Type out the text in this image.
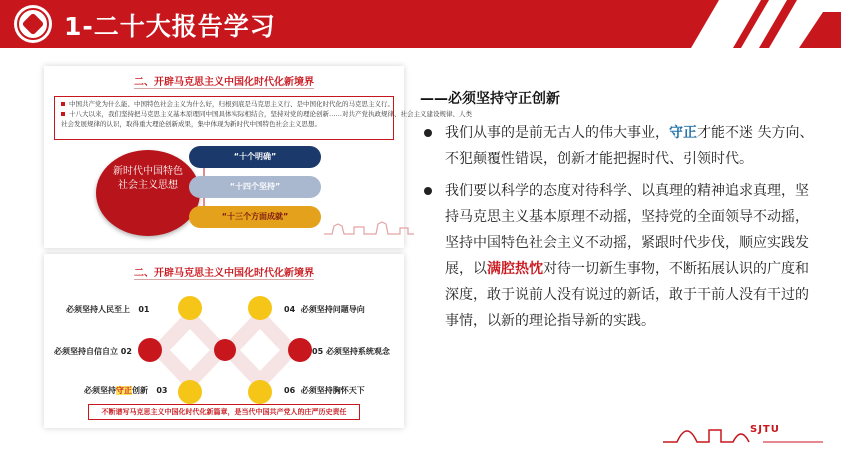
1-二十大报告学习
二、开辟马克思主义中国化时代化新境界
中国共产党为什么能、中国特色社会主义为什么好，归根到底是马克思主义行、是中国化时代化的马克思主义行。
十八大以来，我们坚持把马克思主义基本原理同中国具体实际相结合，坚持对党的理论创新……对共产党执政规律、社会主义建设规律、人类
社会发展规律的认识，取得重大理论创新成果，集中体现为新时代中国特色社会主义思想。
新时代中国特色社会主义思想
“十个明确”
“十四个坚持”
“十三个方面成就”
二、开辟马克思主义中国化时代化新境界
必须坚持人民至上 01
必须坚持自信自立 02
必须坚持守正创新 03
04 必须坚持问题导向
05 必须坚持系统观念
06 必须坚持胸怀天下
不断谱写马克思主义中国化时代化新篇章，是当代中国共产党人的庄严历史责任
——必须坚持守正创新
我们从事的是前无古人的伟大事业，守正才能不迷 失方向、不犯颠覆性错误，创新才能把握时代、引领时代。
我们要以科学的态度对待科学、以真理的精神追求真理，坚持马克思主义基本原理不动摇，坚持党的全面领导不动摇，坚持中国特色社会主义不动摇，紧跟时代步伐，顺应实践发展，以满腔热忱对待一切新生事物，不断拓展认识的广度和深度，敢于说前人没有说过的新话，敢于干前人没有干过的事情，以新的理论指导新的实践。
SJTU
